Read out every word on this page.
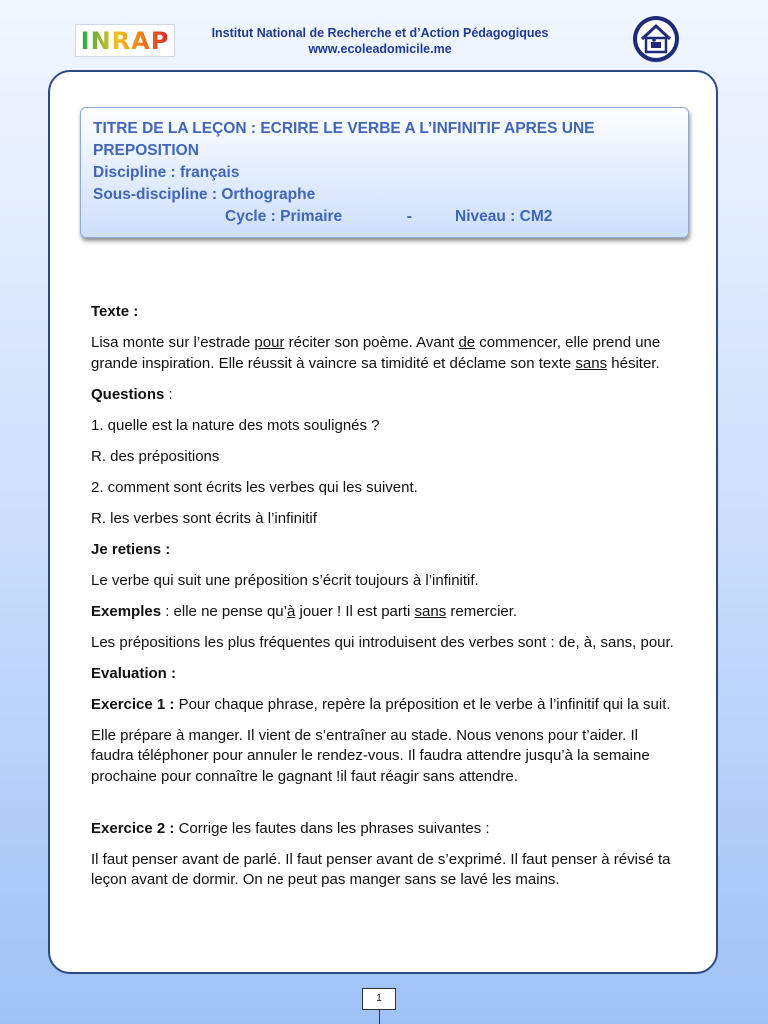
INRAP	Institut National de Recherche et d’Action Pédagogiques
www.ecoleadomicile.me
TITRE DE LA LEÇON : ECRIRE LE VERBE A L’INFINITIF APRES UNE
PREPOSITION
Discipline : français
Sous-discipline : Orthographe
Cycle : Primaire	-	Niveau : CM2

Texte :

Lisa monte sur l’estrade pour réciter son poème. Avant de commencer, elle prend une grande inspiration. Elle réussit à vaincre sa timidité et déclame son texte sans hésiter.

Questions :

1. quelle est la nature des mots soulignés ?

R. des prépositions

2. comment sont écrits les verbes qui les suivent.

R. les verbes sont écrits à l’infinitif

Je retiens :

Le verbe qui suit une préposition s’écrit toujours à l’infinitif.

Exemples : elle ne pense qu’à jouer ! Il est parti sans remercier.

Les prépositions les plus fréquentes qui introduisent des verbes sont : de, à, sans, pour.

Evaluation :

Exercice 1 : Pour chaque phrase, repère la préposition et le verbe à l’infinitif qui la suit.

Elle prépare à manger. Il vient de s’entraîner au stade. Nous venons pour t’aider. Il faudra téléphoner pour annuler le rendez-vous. Il faudra attendre jusqu’à la semaine prochaine pour connaître le gagnant !il faut réagir sans attendre.

Exercice 2 : Corrige les fautes dans les phrases suivantes :

Il faut penser avant de parlé. Il faut penser avant de s’exprimé. Il faut penser à révisé ta leçon avant de dormir. On ne peut pas manger sans se lavé les mains.

1
